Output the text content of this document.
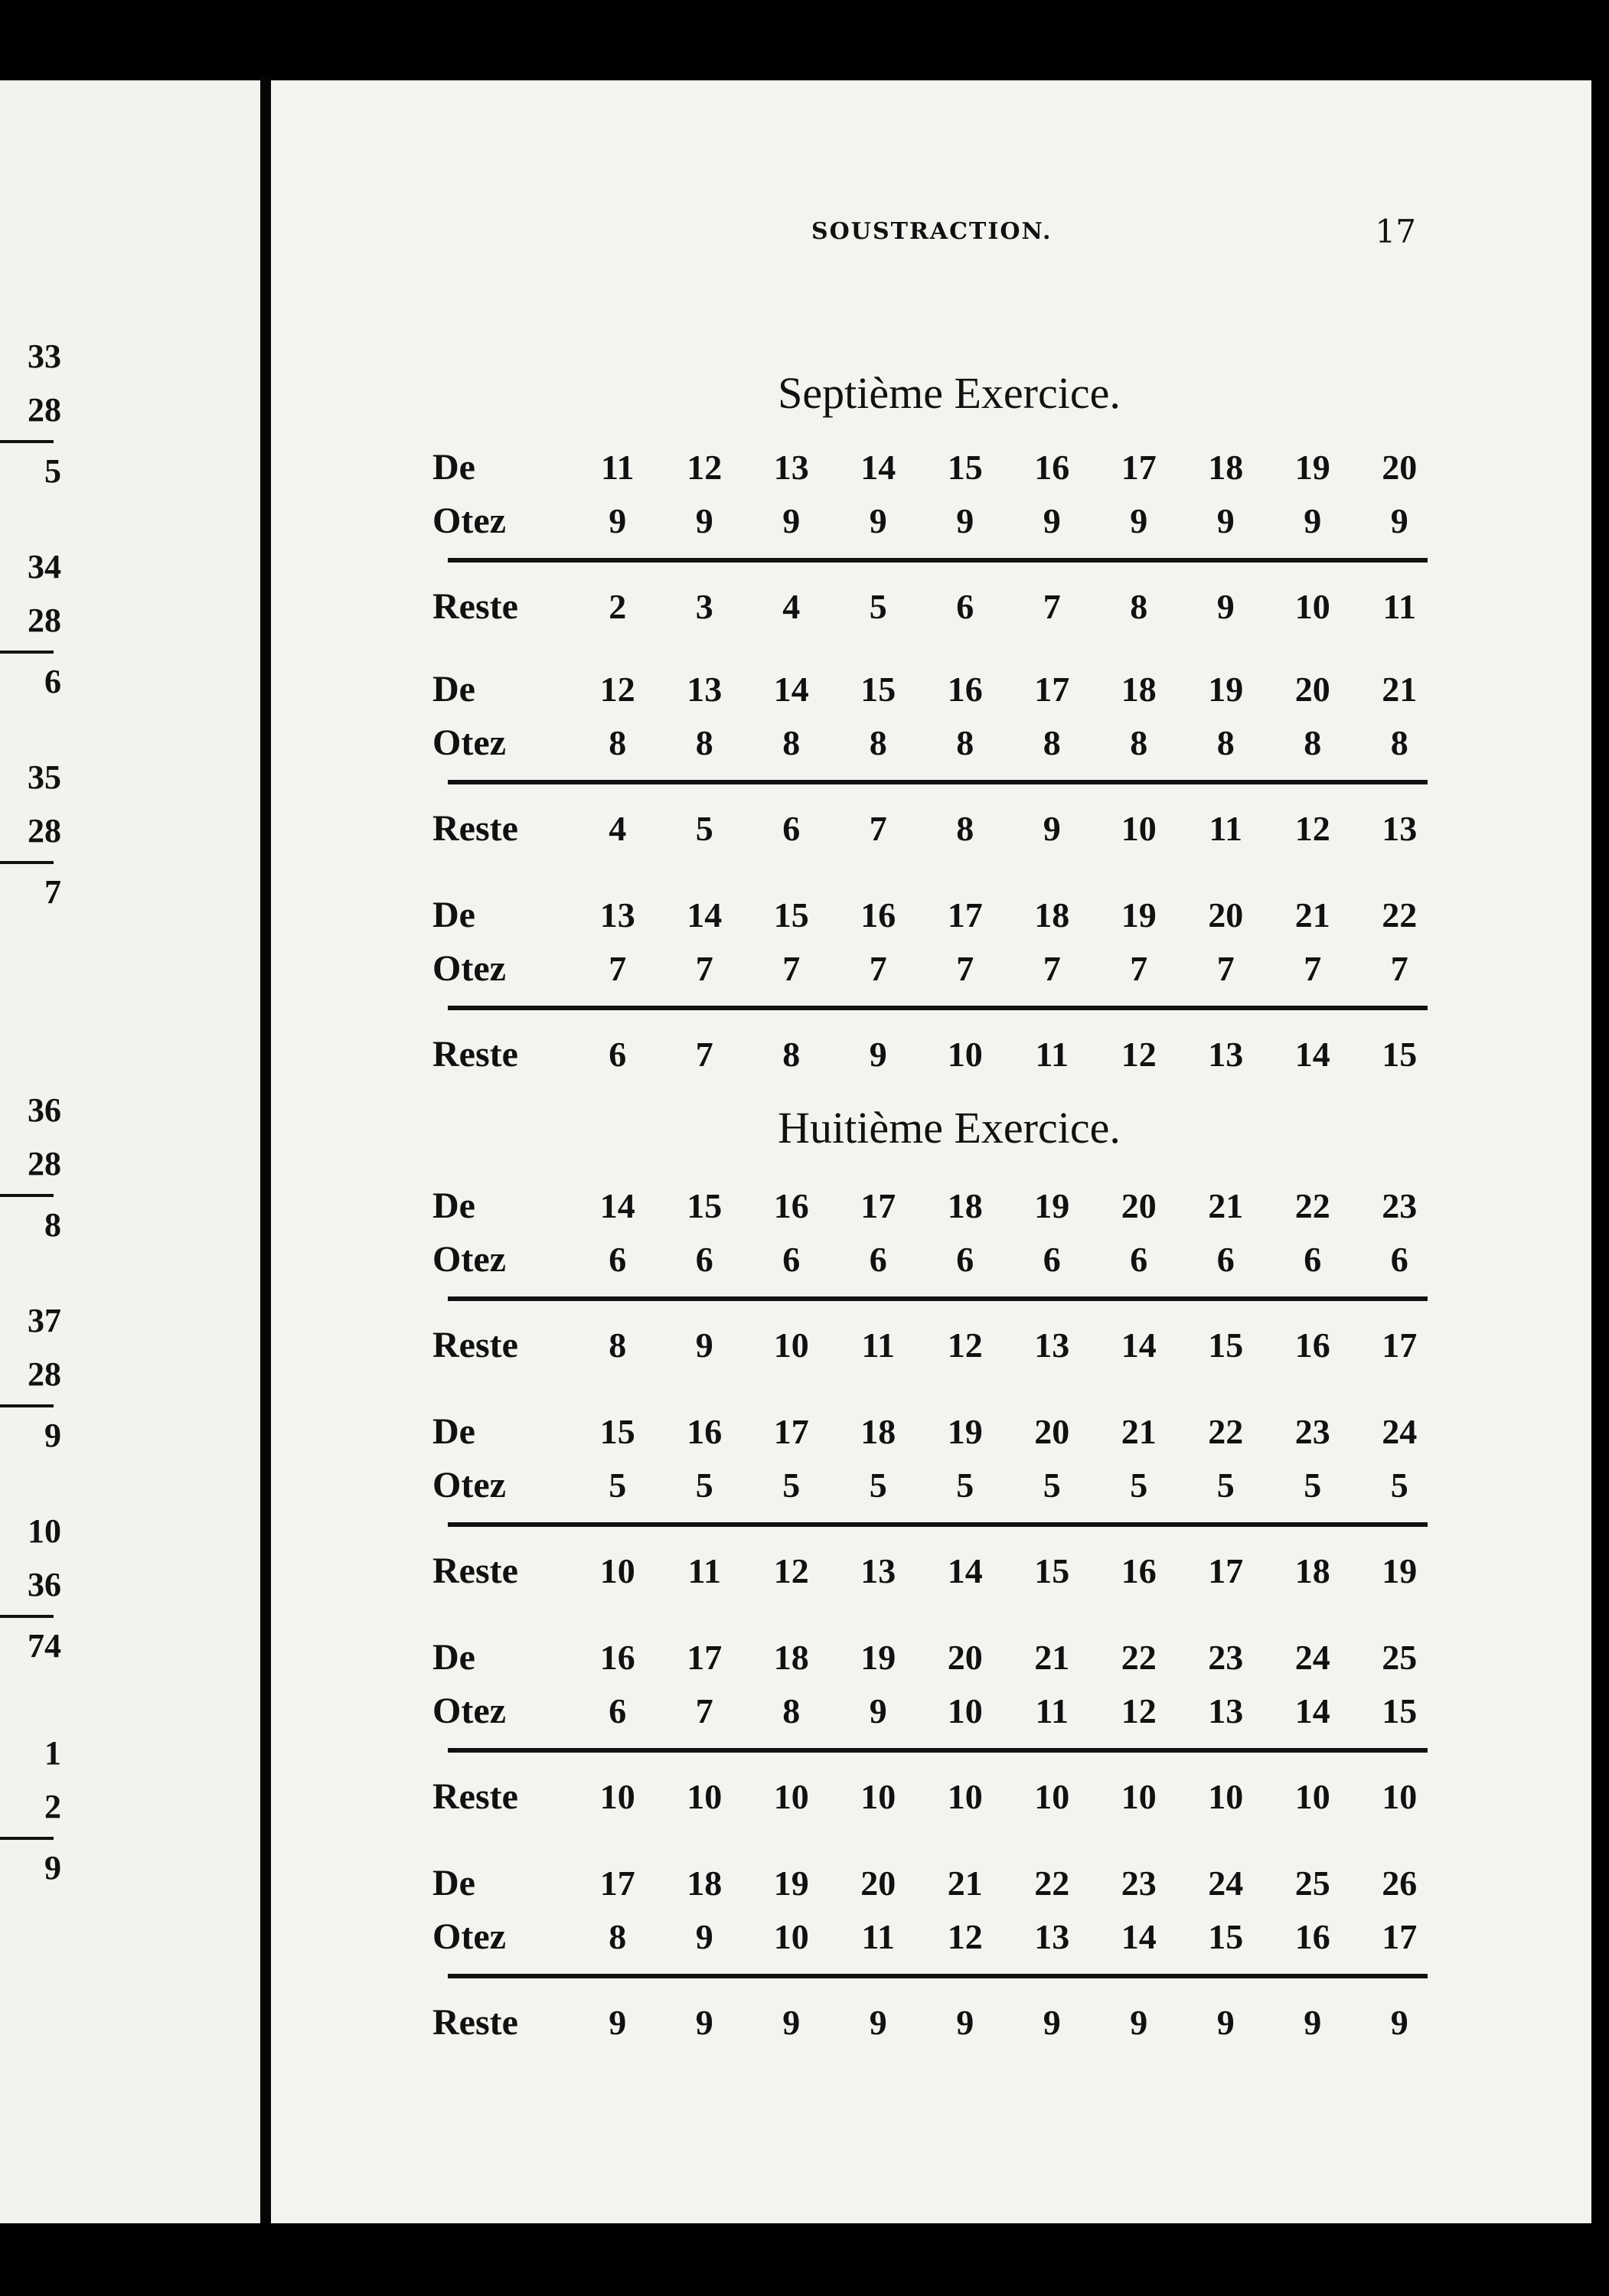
33
28
5
34
28
6
35
28
7
36
28
8
37
28
9
10
36
74
1
2
9
SOUSTRACTION.	17
Septième Exercice.
De	11	12	13	14	15	16	17	18	19	20
Otez	9	9	9	9	9	9	9	9	9	9
Reste	2	3	4	5	6	7	8	9	10	11
De	12	13	14	15	16	17	18	19	20	21
Otez	8	8	8	8	8	8	8	8	8	8
Reste	4	5	6	7	8	9	10	11	12	13
De	13	14	15	16	17	18	19	20	21	22
Otez	7	7	7	7	7	7	7	7	7	7
Reste	6	7	8	9	10	11	12	13	14	15
Huitième Exercice.
De	14	15	16	17	18	19	20	21	22	23
Otez	6	6	6	6	6	6	6	6	6	6
Reste	8	9	10	11	12	13	14	15	16	17
De	15	16	17	18	19	20	21	22	23	24
Otez	5	5	5	5	5	5	5	5	5	5
Reste	10	11	12	13	14	15	16	17	18	19
De	16	17	18	19	20	21	22	23	24	25
Otez	6	7	8	9	10	11	12	13	14	15
Reste	10	10	10	10	10	10	10	10	10	10
De	17	18	19	20	21	22	23	24	25	26
Otez	8	9	10	11	12	13	14	15	16	17
Reste	9	9	9	9	9	9	9	9	9	9
